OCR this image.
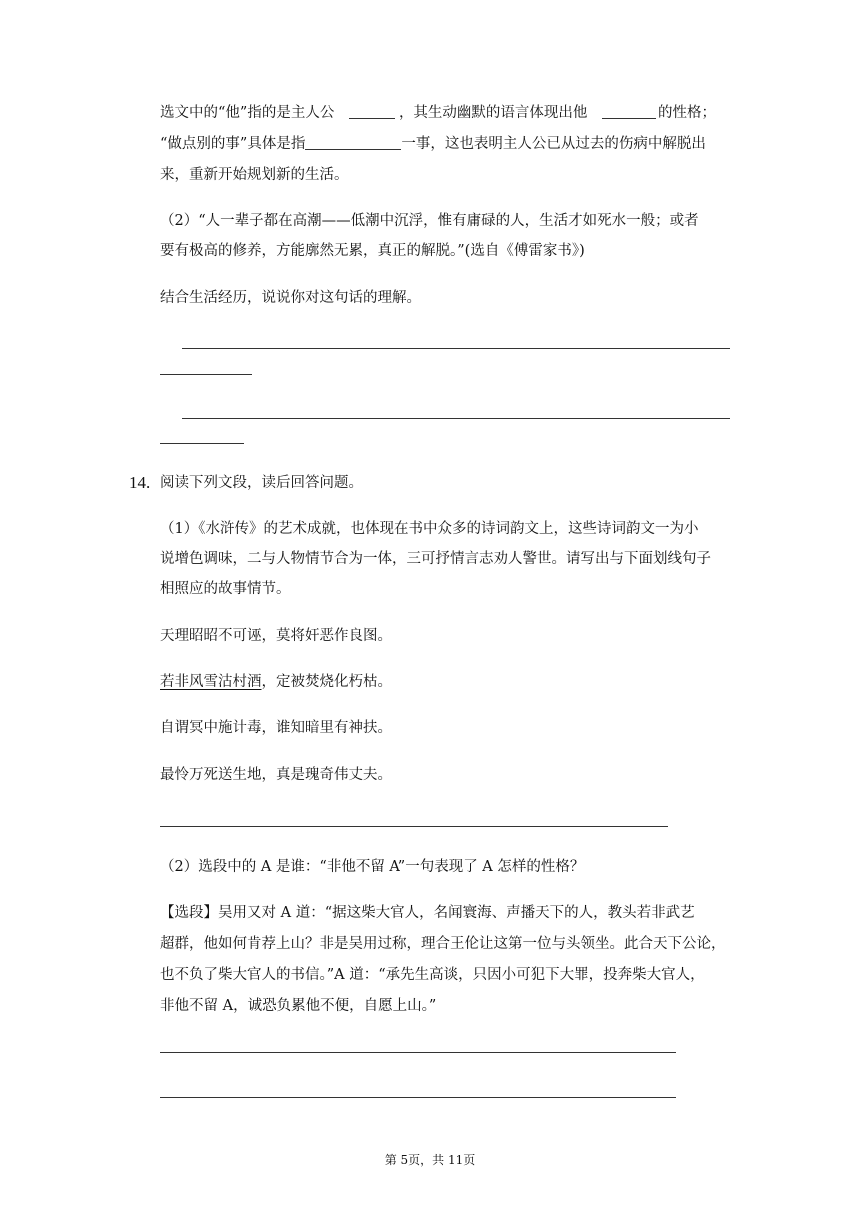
选文中的“他”指的是主人公	，其生动幽默的语言体现出他	的性格；
“做点别的事”具体是指	一事，这也表明主人公已从过去的伤病中解脱出
来，重新开始规划新的生活。
（2）“人一辈子都在高潮——低潮中沉浮，惟有庸碌的人，生活才如死水一般；或者
要有极高的修养，方能廓然无累，真正的解脱。”(选自《傅雷家书》)
结合生活经历，说说你对这句话的理解。
14. 阅读下列文段，读后回答问题。
（1）《水浒传》的艺术成就，也体现在书中众多的诗词韵文上，这些诗词韵文一为小
说增色调味，二与人物情节合为一体，三可抒情言志劝人警世。请写出与下面划线句子
相照应的故事情节。
天理昭昭不可诬，莫将奸恶作良图。
若非风雪沽村酒，定被焚烧化朽枯。
自谓冥中施计毒，谁知暗里有神扶。
最怜万死送生地，真是瑰奇伟丈夫。
（2）选段中的 A 是谁：“非他不留 A”一句表现了 A 怎样的性格？
【选段】吴用又对 A 道：“据这柴大官人，名闻寰海、声播天下的人，教头若非武艺
超群，他如何肯荐上山？非是吴用过称，理合王伦让这第一位与头领坐。此合天下公论，
也不负了柴大官人的书信。”A 道：“承先生高谈，只因小可犯下大罪，投奔柴大官人，
非他不留 A，诚恐负累他不便，自愿上山。”
第 5页，共 11页
